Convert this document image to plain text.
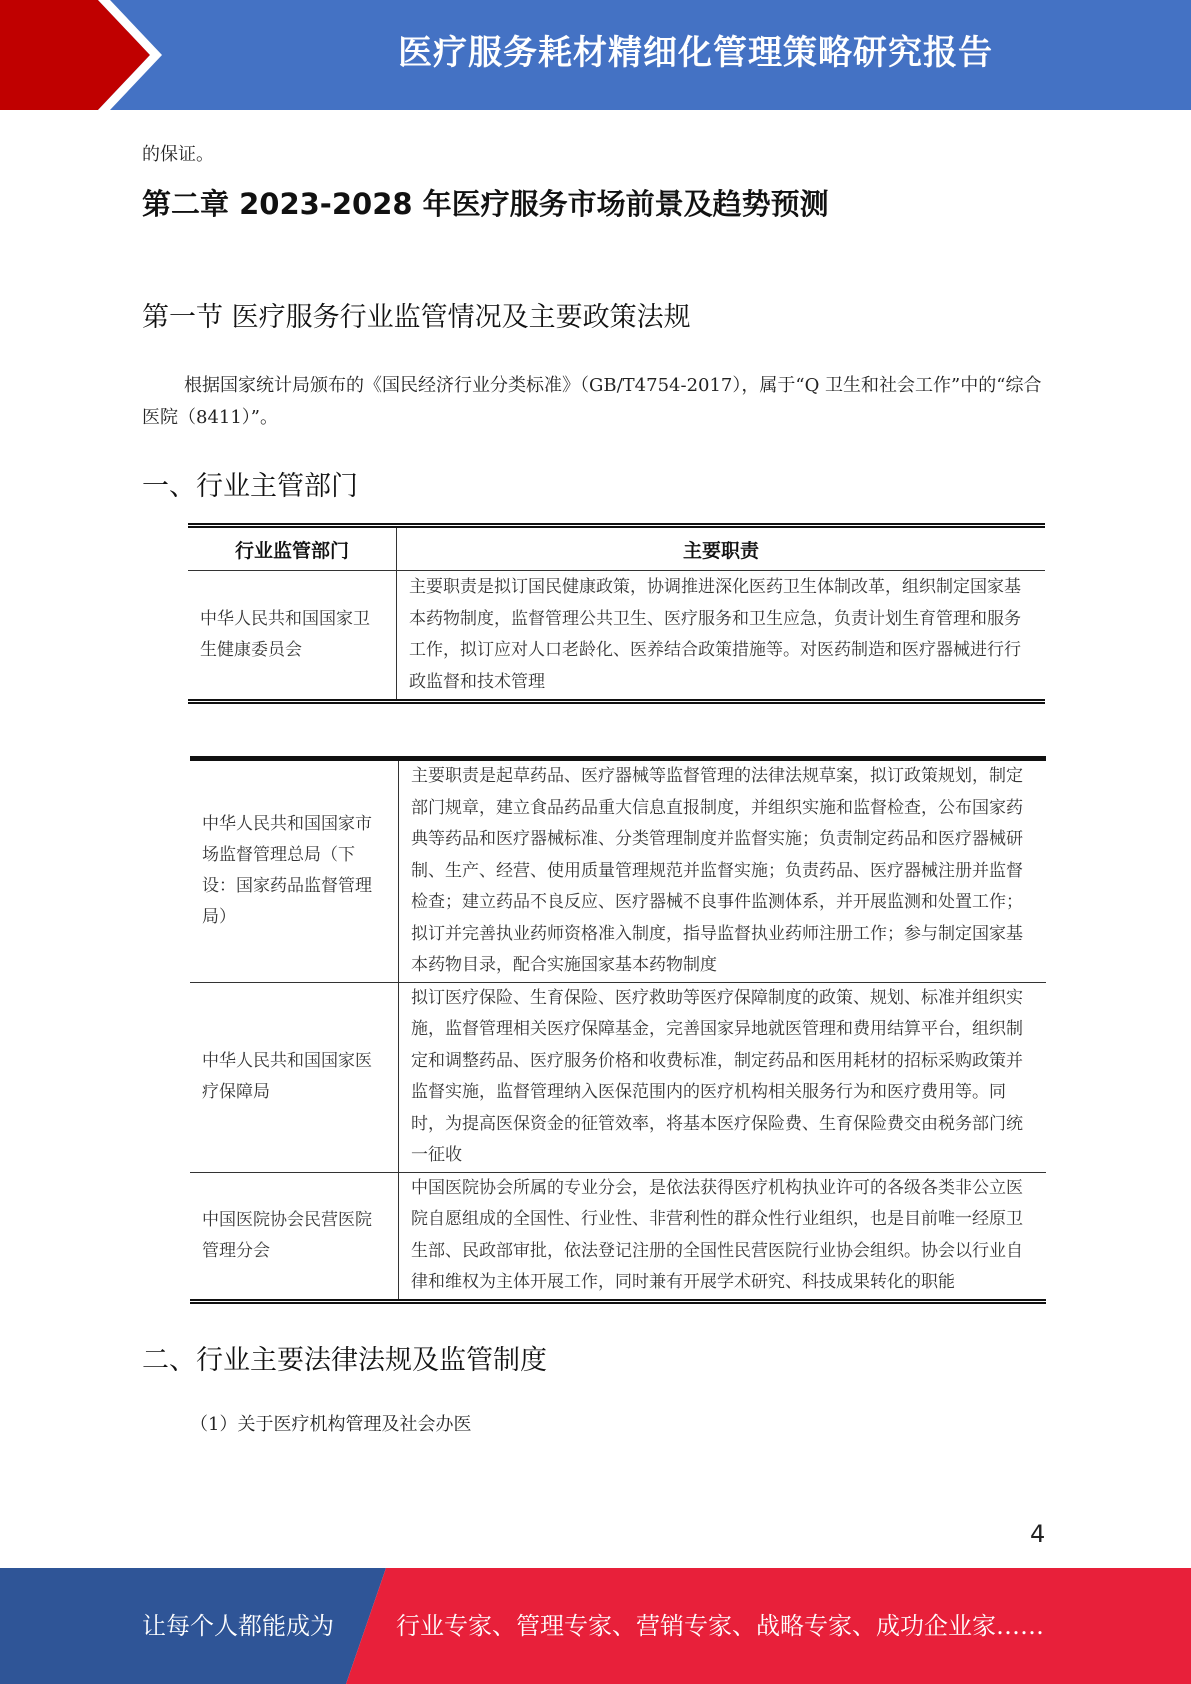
医疗服务耗材精细化管理策略研究报告

的保证。

第二章 2023-2028 年医疗服务市场前景及趋势预测
第一节 医疗服务行业监管情况及主要政策法规

根据国家统计局颁布的《国民经济行业分类标准》（GB/T4754-2017），属于“Q 卫生和社会工作”中的“综合医院（8411）”。

一、行业主管部门
行业监管部门	主要职责
中华人民共和国国家卫生健康委员会	主要职责是拟订国民健康政策，协调推进深化医药卫生体制改革，组织制定国家基本药物制度，监督管理公共卫生、医疗服务和卫生应急，负责计划生育管理和服务工作，拟订应对人口老龄化、医养结合政策措施等。对医药制造和医疗器械进行行政监督和技术管理
中华人民共和国国家市场监督管理总局（下设：国家药品监督管理局）	主要职责是起草药品、医疗器械等监督管理的法律法规草案，拟订政策规划，制定部门规章，建立食品药品重大信息直报制度，并组织实施和监督检查，公布国家药典等药品和医疗器械标准、分类管理制度并监督实施；负责制定药品和医疗器械研制、生产、经营、使用质量管理规范并监督实施；负责药品、医疗器械注册并监督检查；建立药品不良反应、医疗器械不良事件监测体系，并开展监测和处置工作；拟订并完善执业药师资格准入制度，指导监督执业药师注册工作；参与制定国家基本药物目录，配合实施国家基本药物制度
中华人民共和国国家医疗保障局	拟订医疗保险、生育保险、医疗救助等医疗保障制度的政策、规划、标准并组织实施，监督管理相关医疗保障基金，完善国家异地就医管理和费用结算平台，组织制定和调整药品、医疗服务价格和收费标准，制定药品和医用耗材的招标采购政策并监督实施，监督管理纳入医保范围内的医疗机构相关服务行为和医疗费用等。同时，为提高医保资金的征管效率，将基本医疗保险费、生育保险费交由税务部门统一征收
中国医院协会民营医院管理分会	中国医院协会所属的专业分会，是依法获得医疗机构执业许可的各级各类非公立医院自愿组成的全国性、行业性、非营利性的群众性行业组织，也是目前唯一经原卫生部、民政部审批，依法登记注册的全国性民营医院行业协会组织。协会以行业自律和维权为主体开展工作，同时兼有开展学术研究、科技成果转化的职能
二、行业主要法律法规及监管制度
（1）关于医疗机构管理及社会办医
4
让每个人都能成为	行业专家、管理专家、营销专家、战略专家、成功企业家……
